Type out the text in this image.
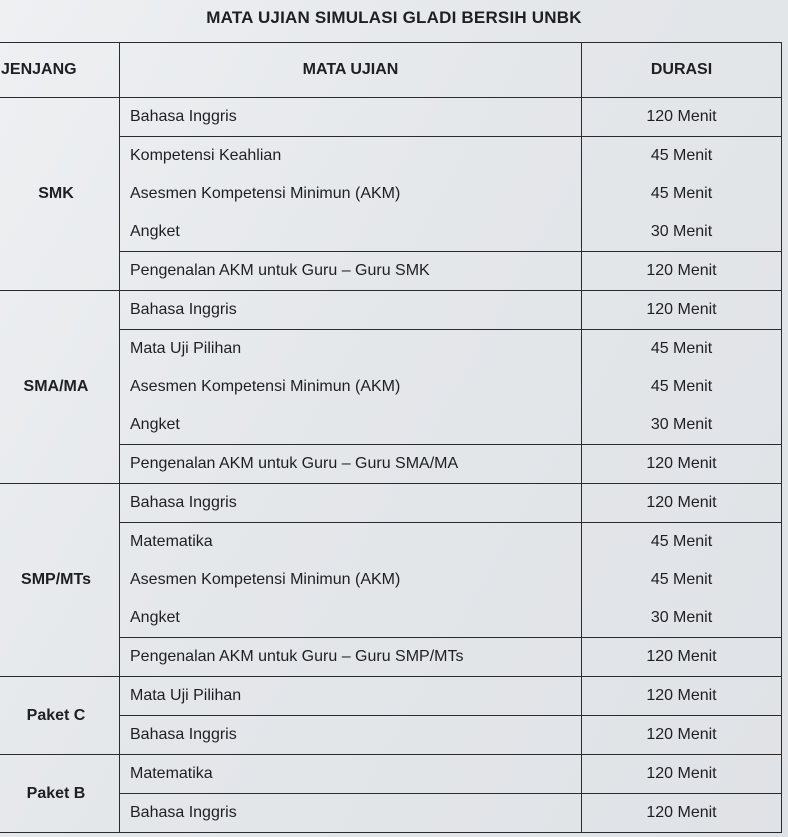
MATA UJIAN SIMULASI GLADI BERSIH UNBK
JENJANG	MATA UJIAN	DURASI
SMK	Bahasa Inggris	120 Menit
	Kompetensi Keahlian	45 Menit
	Asesmen Kompetensi Minimun (AKM)	45 Menit
	Angket	30 Menit
	Pengenalan AKM untuk Guru – Guru SMK	120 Menit
SMA/MA	Bahasa Inggris	120 Menit
	Mata Uji Pilihan	45 Menit
	Asesmen Kompetensi Minimun (AKM)	45 Menit
	Angket	30 Menit
	Pengenalan AKM untuk Guru – Guru SMA/MA	120 Menit
SMP/MTs	Bahasa Inggris	120 Menit
	Matematika	45 Menit
	Asesmen Kompetensi Minimun (AKM)	45 Menit
	Angket	30 Menit
	Pengenalan AKM untuk Guru – Guru SMP/MTs	120 Menit
Paket C	Mata Uji Pilihan	120 Menit
	Bahasa Inggris	120 Menit
Paket B	Matematika	120 Menit
	Bahasa Inggris	120 Menit
